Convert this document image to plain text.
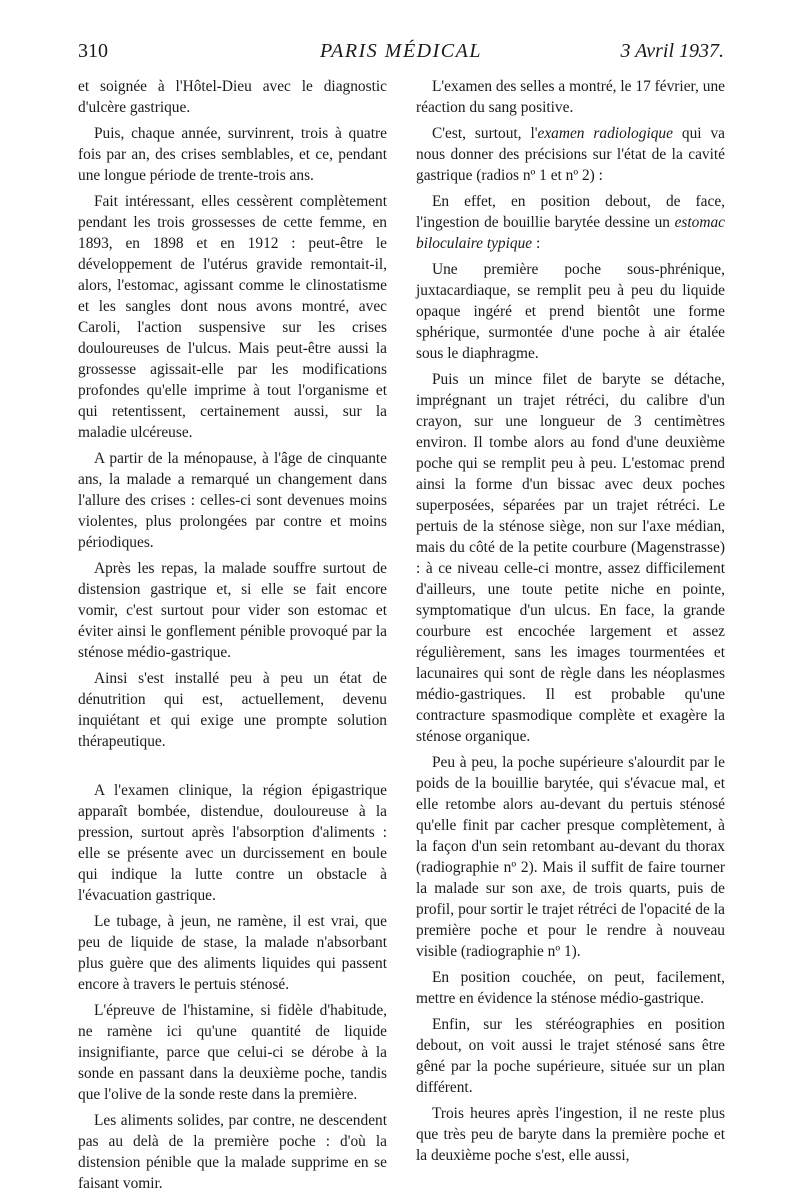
310	PARIS MÉDICAL	3 Avril 1937.

et soignée à l'Hôtel-Dieu avec le diagnostic d'ulcère gastrique.

Puis, chaque année, survinrent, trois à quatre fois par an, des crises semblables, et ce, pendant une longue période de trente-trois ans.

Fait intéressant, elles cessèrent complètement pendant les trois grossesses de cette femme, en 1893, en 1898 et en 1912 : peut-être le développement de l'utérus gravide remontait-il, alors, l'estomac, agissant comme le clinostatisme et les sangles dont nous avons montré, avec Caroli, l'action suspensive sur les crises douloureuses de l'ulcus. Mais peut-être aussi la grossesse agissait-elle par les modifications profondes qu'elle imprime à tout l'organisme et qui retentissent, certainement aussi, sur la maladie ulcéreuse.

A partir de la ménopause, à l'âge de cinquante ans, la malade a remarqué un changement dans l'allure des crises : celles-ci sont devenues moins violentes, plus prolongées par contre et moins périodiques.

Après les repas, la malade souffre surtout de distension gastrique et, si elle se fait encore vomir, c'est surtout pour vider son estomac et éviter ainsi le gonflement pénible provoqué par la sténose médio-gastrique.

Ainsi s'est installé peu à peu un état de dénutrition qui est, actuellement, devenu inquiétant et qui exige une prompte solution thérapeutique.

A l'examen clinique, la région épigastrique apparaît bombée, distendue, douloureuse à la pression, surtout après l'absorption d'aliments : elle se présente avec un durcissement en boule qui indique la lutte contre un obstacle à l'évacuation gastrique.

Le tubage, à jeun, ne ramène, il est vrai, que peu de liquide de stase, la malade n'absorbant plus guère que des aliments liquides qui passent encore à travers le pertuis sténosé.

L'épreuve de l'histamine, si fidèle d'habitude, ne ramène ici qu'une quantité de liquide insignifiante, parce que celui-ci se dérobe à la sonde en passant dans la deuxième poche, tandis que l'olive de la sonde reste dans la première.

Les aliments solides, par contre, ne descendent pas au delà de la première poche : d'où la distension pénible que la malade supprime en se faisant vomir.

L'examen des selles a montré, le 17 février, une réaction du sang positive.

C'est, surtout, l'examen radiologique qui va nous donner des précisions sur l'état de la cavité gastrique (radios nº 1 et nº 2) :

En effet, en position debout, de face, l'ingestion de bouillie barytée dessine un estomac biloculaire typique :

Une première poche sous-phrénique, juxtacardiaque, se remplit peu à peu du liquide opaque ingéré et prend bientôt une forme sphérique, surmontée d'une poche à air étalée sous le diaphragme.

Puis un mince filet de baryte se détache, imprégnant un trajet rétréci, du calibre d'un crayon, sur une longueur de 3 centimètres environ. Il tombe alors au fond d'une deuxième poche qui se remplit peu à peu. L'estomac prend ainsi la forme d'un bissac avec deux poches superposées, séparées par un trajet rétréci. Le pertuis de la sténose siège, non sur l'axe médian, mais du côté de la petite courbure (Magenstrasse) : à ce niveau celle-ci montre, assez difficilement d'ailleurs, une toute petite niche en pointe, symptomatique d'un ulcus. En face, la grande courbure est encochée largement et assez régulièrement, sans les images tourmentées et lacunaires qui sont de règle dans les néoplasmes médio-gastriques. Il est probable qu'une contracture spasmodique complète et exagère la sténose organique.

Peu à peu, la poche supérieure s'alourdit par le poids de la bouillie barytée, qui s'évacue mal, et elle retombe alors au-devant du pertuis sténosé qu'elle finit par cacher presque complètement, à la façon d'un sein retombant au-devant du thorax (radiographie nº 2). Mais il suffit de faire tourner la malade sur son axe, de trois quarts, puis de profil, pour sortir le trajet rétréci de l'opacité de la première poche et pour le rendre à nouveau visible (radiographie nº 1).

En position couchée, on peut, facilement, mettre en évidence la sténose médio-gastrique.

Enfin, sur les stéréographies en position debout, on voit aussi le trajet sténosé sans être gêné par la poche supérieure, située sur un plan différent.

Trois heures après l'ingestion, il ne reste plus que très peu de baryte dans la première poche et la deuxième poche s'est, elle aussi,
